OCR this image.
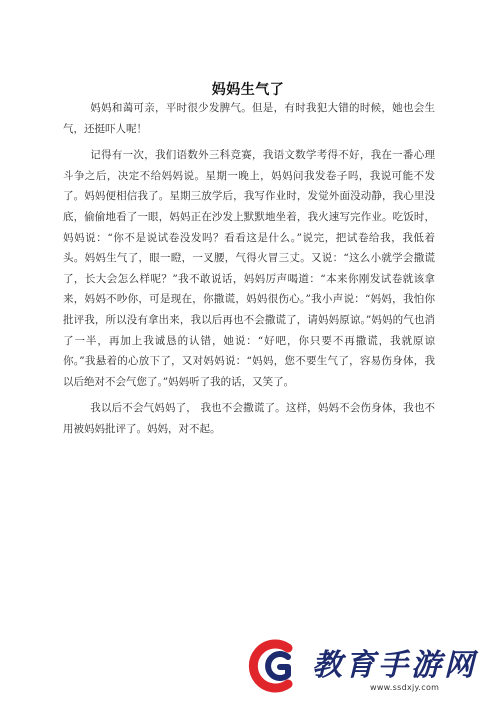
妈妈生气了

妈妈和蔼可亲，平时很少发脾气。但是，有时我犯大错的时候，她也会生气，还挺吓人呢！

记得有一次，我们语数外三科竞赛，我语文数学考得不好，我在一番心理斗争之后，决定不给妈妈说。星期一晚上，妈妈问我发卷子吗，我说可能不发了。妈妈便相信我了。星期三放学后，我写作业时，发觉外面没动静，我心里没底，偷偷地看了一眼，妈妈正在沙发上默默地坐着，我火速写完作业。吃饭时，妈妈说：“你不是说试卷没发吗？看看这是什么。”说完，把试卷给我，我低着头。妈妈生气了，眼一瞪，一叉腰，气得火冒三丈。又说：“这么小就学会撒谎了，长大会怎么样呢？”我不敢说话，妈妈厉声喝道：“本来你刚发试卷就该拿来，妈妈不吵你，可是现在，你撒谎，妈妈很伤心。”我小声说：“妈妈，我怕你批评我，所以没有拿出来，我以后再也不会撒谎了，请妈妈原谅。”妈妈的气也消了一半，再加上我诚恳的认错，她说：“好吧，你只要不再撒谎，我就原谅你。”我悬着的心放下了，又对妈妈说：“妈妈，您不要生气了，容易伤身体，我以后绝对不会气您了。”妈妈听了我的话，又笑了。

我以后不会气妈妈了， 我也不会撒谎了。这样，妈妈不会伤身体，我也不用被妈妈批评了。妈妈，对不起。

教育手游网
www.ssdxjy.com
